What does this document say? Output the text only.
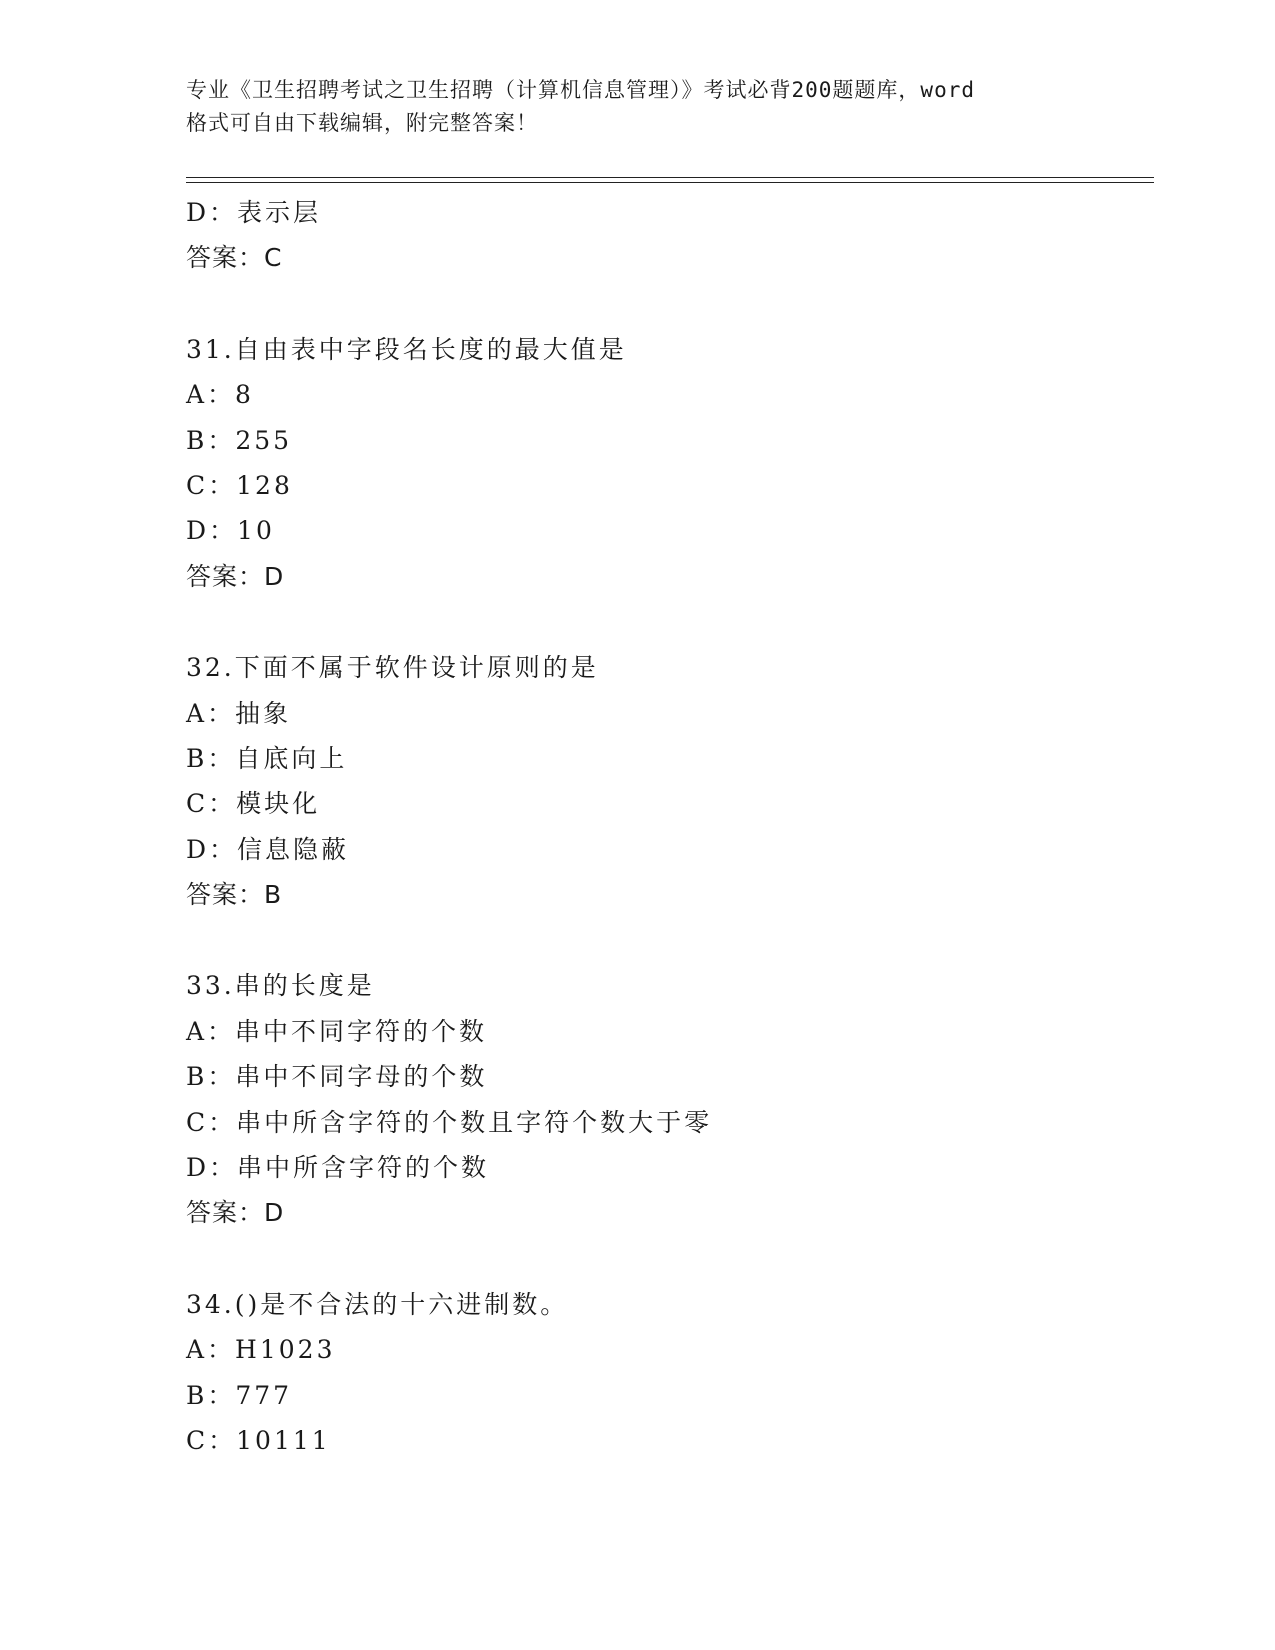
专业《卫生招聘考试之卫生招聘（计算机信息管理）》考试必背200题题库，word
格式可自由下载编辑，附完整答案！
D：表示层
答案：C
31.自由表中字段名长度的最大值是
A：8
B：255
C：128
D：10
答案：D
32.下面不属于软件设计原则的是
A：抽象
B：自底向上
C：模块化
D：信息隐蔽
答案：B
33.串的长度是
A：串中不同字符的个数
B：串中不同字母的个数
C：串中所含字符的个数且字符个数大于零
D：串中所含字符的个数
答案：D
34.()是不合法的十六进制数。
A：H1023
B：777
C：10111
